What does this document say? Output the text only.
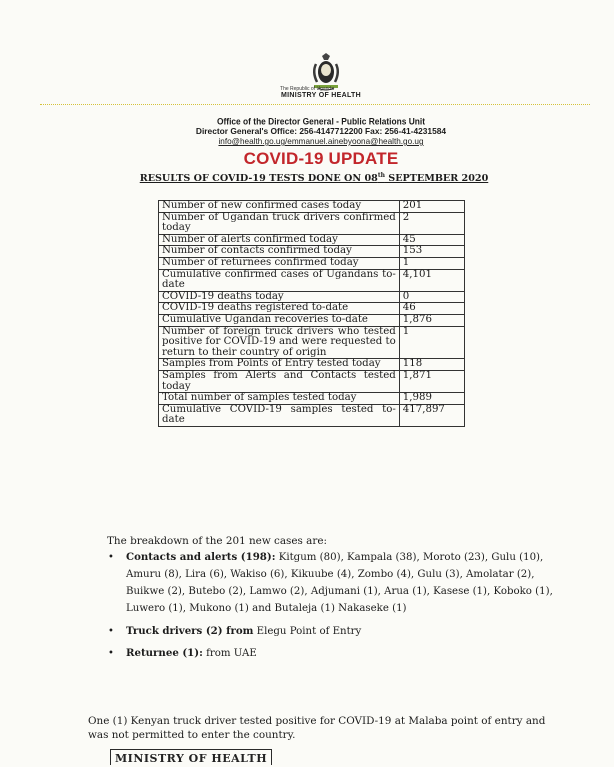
The Republic of Uganda
MINISTRY OF HEALTH
Office of the Director General - Public Relations Unit
Director General's Office: 256-4147712200 Fax: 256-41-4231584
info@health.go.ug/emmanuel.ainebyoona@health.go.ug
COVID-19 UPDATE
RESULTS OF COVID-19 TESTS DONE ON 08th SEPTEMBER 2020
Number of new confirmed cases today	201
Number of Ugandan truck drivers confirmed today	2
Number of alerts confirmed today	45
Number of contacts confirmed today	153
Number of returnees confirmed today	1
Cumulative confirmed cases of Ugandans to-date	4,101
COVID-19 deaths today	0
COVID-19 deaths registered to-date	46
Cumulative Ugandan recoveries to-date	1,876
Number of foreign truck drivers who tested positive for COVID-19 and were requested to return to their country of origin	1
Samples from Points of Entry tested today	118
Samples from Alerts and Contacts tested today	1,871
Total number of samples tested today	1,989
Cumulative COVID-19 samples tested to-date	417,897
The breakdown of the 201 new cases are:
• Contacts and alerts (198): Kitgum (80), Kampala (38), Moroto (23), Gulu (10), Amuru (8), Lira (6), Wakiso (6), Kikuube (4), Zombo (4), Gulu (3), Amolatar (2), Buikwe (2), Butebo (2), Lamwo (2), Adjumani (1), Arua (1), Kasese (1), Koboko (1), Luwero (1), Mukono (1) and Butaleja (1) Nakaseke (1)
• Truck drivers (2) from Elegu Point of Entry
• Returnee (1): from UAE
One (1) Kenyan truck driver tested positive for COVID-19 at Malaba point of entry and was not permitted to enter the country.
MINISTRY OF HEALTH
